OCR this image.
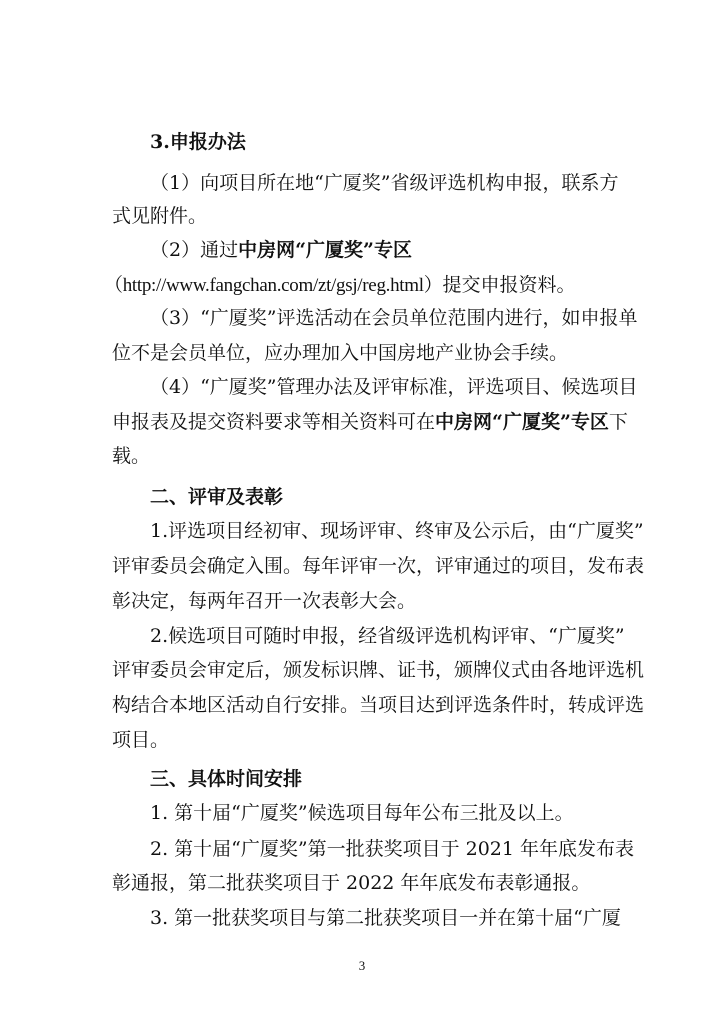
3.申报办法
（1）向项目所在地“广厦奖”省级评选机构申报，联系方
式见附件。
（2）通过中房网“广厦奖”专区
（http://www.fangchan.com/zt/gsj/reg.html）提交申报资料。
（3）“广厦奖”评选活动在会员单位范围内进行，如申报单
位不是会员单位，应办理加入中国房地产业协会手续。
（4）“广厦奖”管理办法及评审标准，评选项目、候选项目
申报表及提交资料要求等相关资料可在中房网“广厦奖”专区下
载。
二、评审及表彰
1.评选项目经初审、现场评审、终审及公示后，由“广厦奖”
评审委员会确定入围。每年评审一次，评审通过的项目，发布表
彰决定，每两年召开一次表彰大会。
2.候选项目可随时申报，经省级评选机构评审、“广厦奖”
评审委员会审定后，颁发标识牌、证书，颁牌仪式由各地评选机
构结合本地区活动自行安排。当项目达到评选条件时，转成评选
项目。
三、具体时间安排
1. 第十届“广厦奖”候选项目每年公布三批及以上。
2. 第十届“广厦奖”第一批获奖项目于 2021 年年底发布表
彰通报，第二批获奖项目于 2022 年年底发布表彰通报。
3. 第一批获奖项目与第二批获奖项目一并在第十届“广厦
3
